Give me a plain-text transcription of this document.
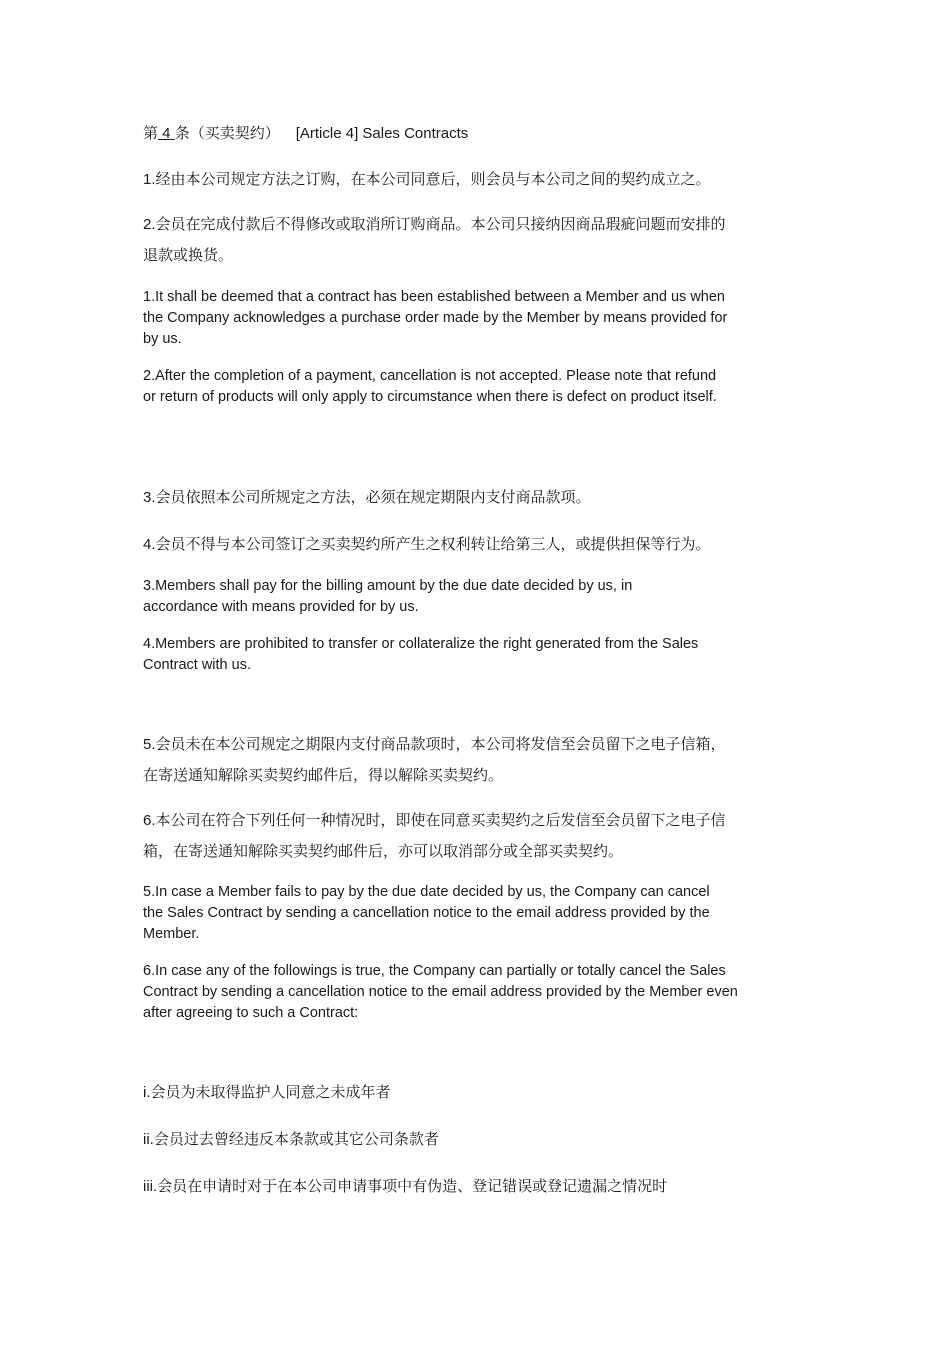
第 4 条（买卖契约） [Article 4] Sales Contracts

1.经由本公司规定方法之订购，在本公司同意后，则会员与本公司之间的契约成立之。

2.会员在完成付款后不得修改或取消所订购商品。本公司只接纳因商品瑕疵问题而安排的退款或换货。

1.It shall be deemed that a contract has been established between a Member and us when the Company acknowledges a purchase order made by the Member by means provided for by us.

2.After the completion of a payment, cancellation is not accepted. Please note that refund or return of products will only apply to circumstance when there is defect on product itself.

3.会员依照本公司所规定之方法，必须在规定期限内支付商品款项。

4.会员不得与本公司签订之买卖契约所产生之权利转让给第三人，或提供担保等行为。

3.Members shall pay for the billing amount by the due date decided by us, in accordance with means provided for by us.

4.Members are prohibited to transfer or collateralize the right generated from the Sales Contract with us.

5.会员未在本公司规定之期限内支付商品款项时，本公司将发信至会员留下之电子信箱，在寄送通知解除买卖契约邮件后，得以解除买卖契约。

6.本公司在符合下列任何一种情况时，即使在同意买卖契约之后发信至会员留下之电子信箱，在寄送通知解除买卖契约邮件后，亦可以取消部分或全部买卖契约。

5.In case a Member fails to pay by the due date decided by us, the Company can cancel the Sales Contract by sending a cancellation notice to the email address provided by the Member.

6.In case any of the followings is true, the Company can partially or totally cancel the Sales Contract by sending a cancellation notice to the email address provided by the Member even after agreeing to such a Contract:

i.会员为未取得监护人同意之未成年者

ii.会员过去曾经违反本条款或其它公司条款者

iii.会员在申请时对于在本公司申请事项中有伪造、登记错误或登记遗漏之情况时
